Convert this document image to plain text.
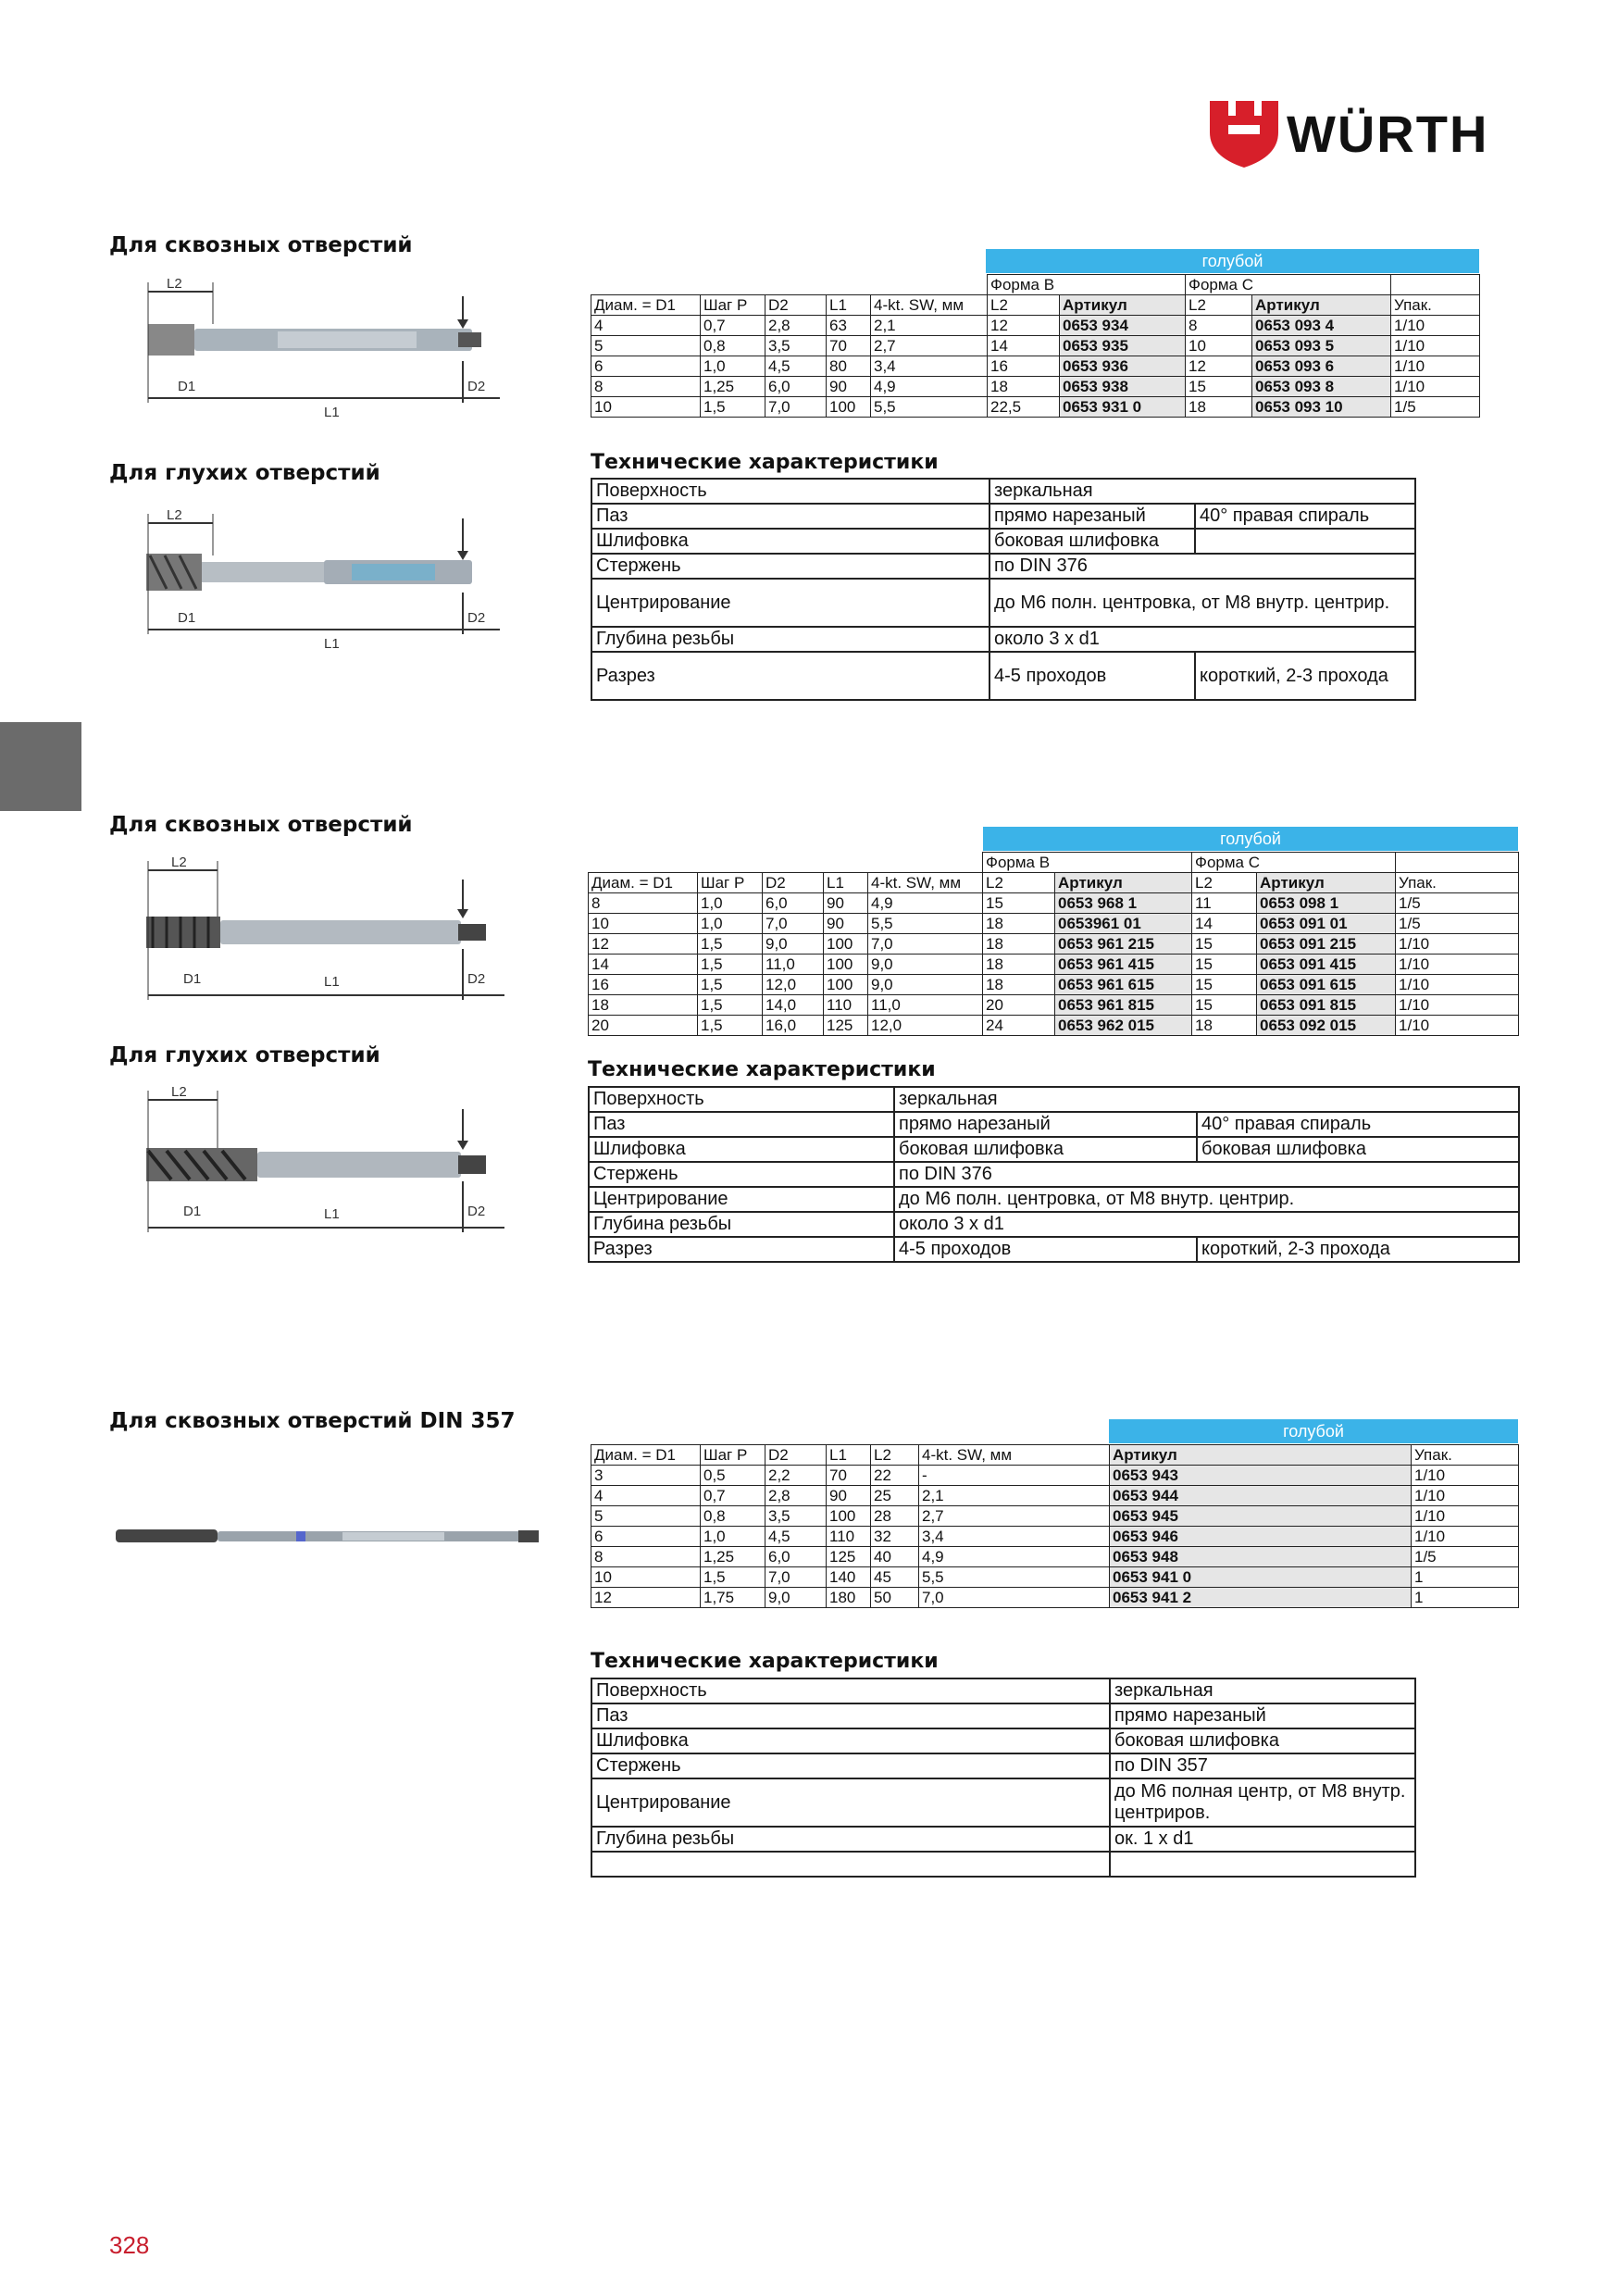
WÜRTH
Для сквозных отверстий
Для глухих отверстий
L2
D1	D2
L1
L2
D1	D2
L1
голубой
					Форма B		Форма C		
Диам. = D1	Шаг P	D2	L1	4-kt. SW, мм	L2	Артикул	L2	Артикул	Упак.
4	0,7	2,8	63	2,1	12	0653 934	8	0653 093 4	1/10
5	0,8	3,5	70	2,7	14	0653 935	10	0653 093 5	1/10
6	1,0	4,5	80	3,4	16	0653 936	12	0653 093 6	1/10
8	1,25	6,0	90	4,9	18	0653 938	15	0653 093 8	1/10
10	1,5	7,0	100	5,5	22,5	0653 931 0	18	0653 093 10	1/5
Технические характеристики
Поверхность	зеркальная	
Паз	прямо нарезаный	40° правая спираль
Шлифовка	боковая шлифовка	
Стержень	по DIN 376	
Центрирование	до М6 полн. центровка, от М8 внутр. центрир.	
Глубина резьбы	около 3 x d1	
Разрез	4-5 проходов	короткий, 2-3 прохода
Для сквозных отверстий
Для глухих отверстий
L2
D1	D2
L1
L2
D1	D2
L1
голубой
					Форма B		Форма C		
Диам. = D1	Шаг P	D2	L1	4-kt. SW, мм	L2	Артикул	L2	Артикул	Упак.
8	1,0	6,0	90	4,9	15	0653 968 1	11	0653 098 1	1/5
10	1,0	7,0	90	5,5	18	0653961 01	14	0653 091 01	1/5
12	1,5	9,0	100	7,0	18	0653 961 215	15	0653 091 215	1/10
14	1,5	11,0	100	9,0	18	0653 961 415	15	0653 091 415	1/10
16	1,5	12,0	100	9,0	18	0653 961 615	15	0653 091 615	1/10
18	1,5	14,0	110	11,0	20	0653 961 815	15	0653 091 815	1/10
20	1,5	16,0	125	12,0	24	0653 962 015	18	0653 092 015	1/10
Технические характеристики
Поверхность	зеркальная	
Паз	прямо нарезаный	40° правая спираль
Шлифовка	боковая шлифовка	боковая шлифовка
Стержень	по DIN 376	
Центрирование	до М6 полн. центровка, от М8 внутр. центрир.	
Глубина резьбы	около 3 x d1	
Разрез	4-5 проходов	короткий, 2-3 прохода
Для сквозных отверстий DIN 357	голубой
Диам. = D1	Шаг P	D2	L1	L2	4-kt. SW, мм	Артикул	Упак.
3	0,5	2,2	70	22	-	0653 943	1/10
4	0,7	2,8	90	25	2,1	0653 944	1/10
5	0,8	3,5	100	28	2,7	0653 945	1/10
6	1,0	4,5	110	32	3,4	0653 946	1/10
8	1,25	6,0	125	40	4,9	0653 948	1/5
10	1,5	7,0	140	45	5,5	0653 941 0	1
12	1,75	9,0	180	50	7,0	0653 941 2	1
Технические характеристики
Поверхность	зеркальная
Паз	прямо нарезаный
Шлифовка	боковая шлифовка
Стержень	по DIN 357
Центрирование	до М6 полная центр, от М8 внутр. центриров.
Глубина резьбы	ок. 1 x d1

328
